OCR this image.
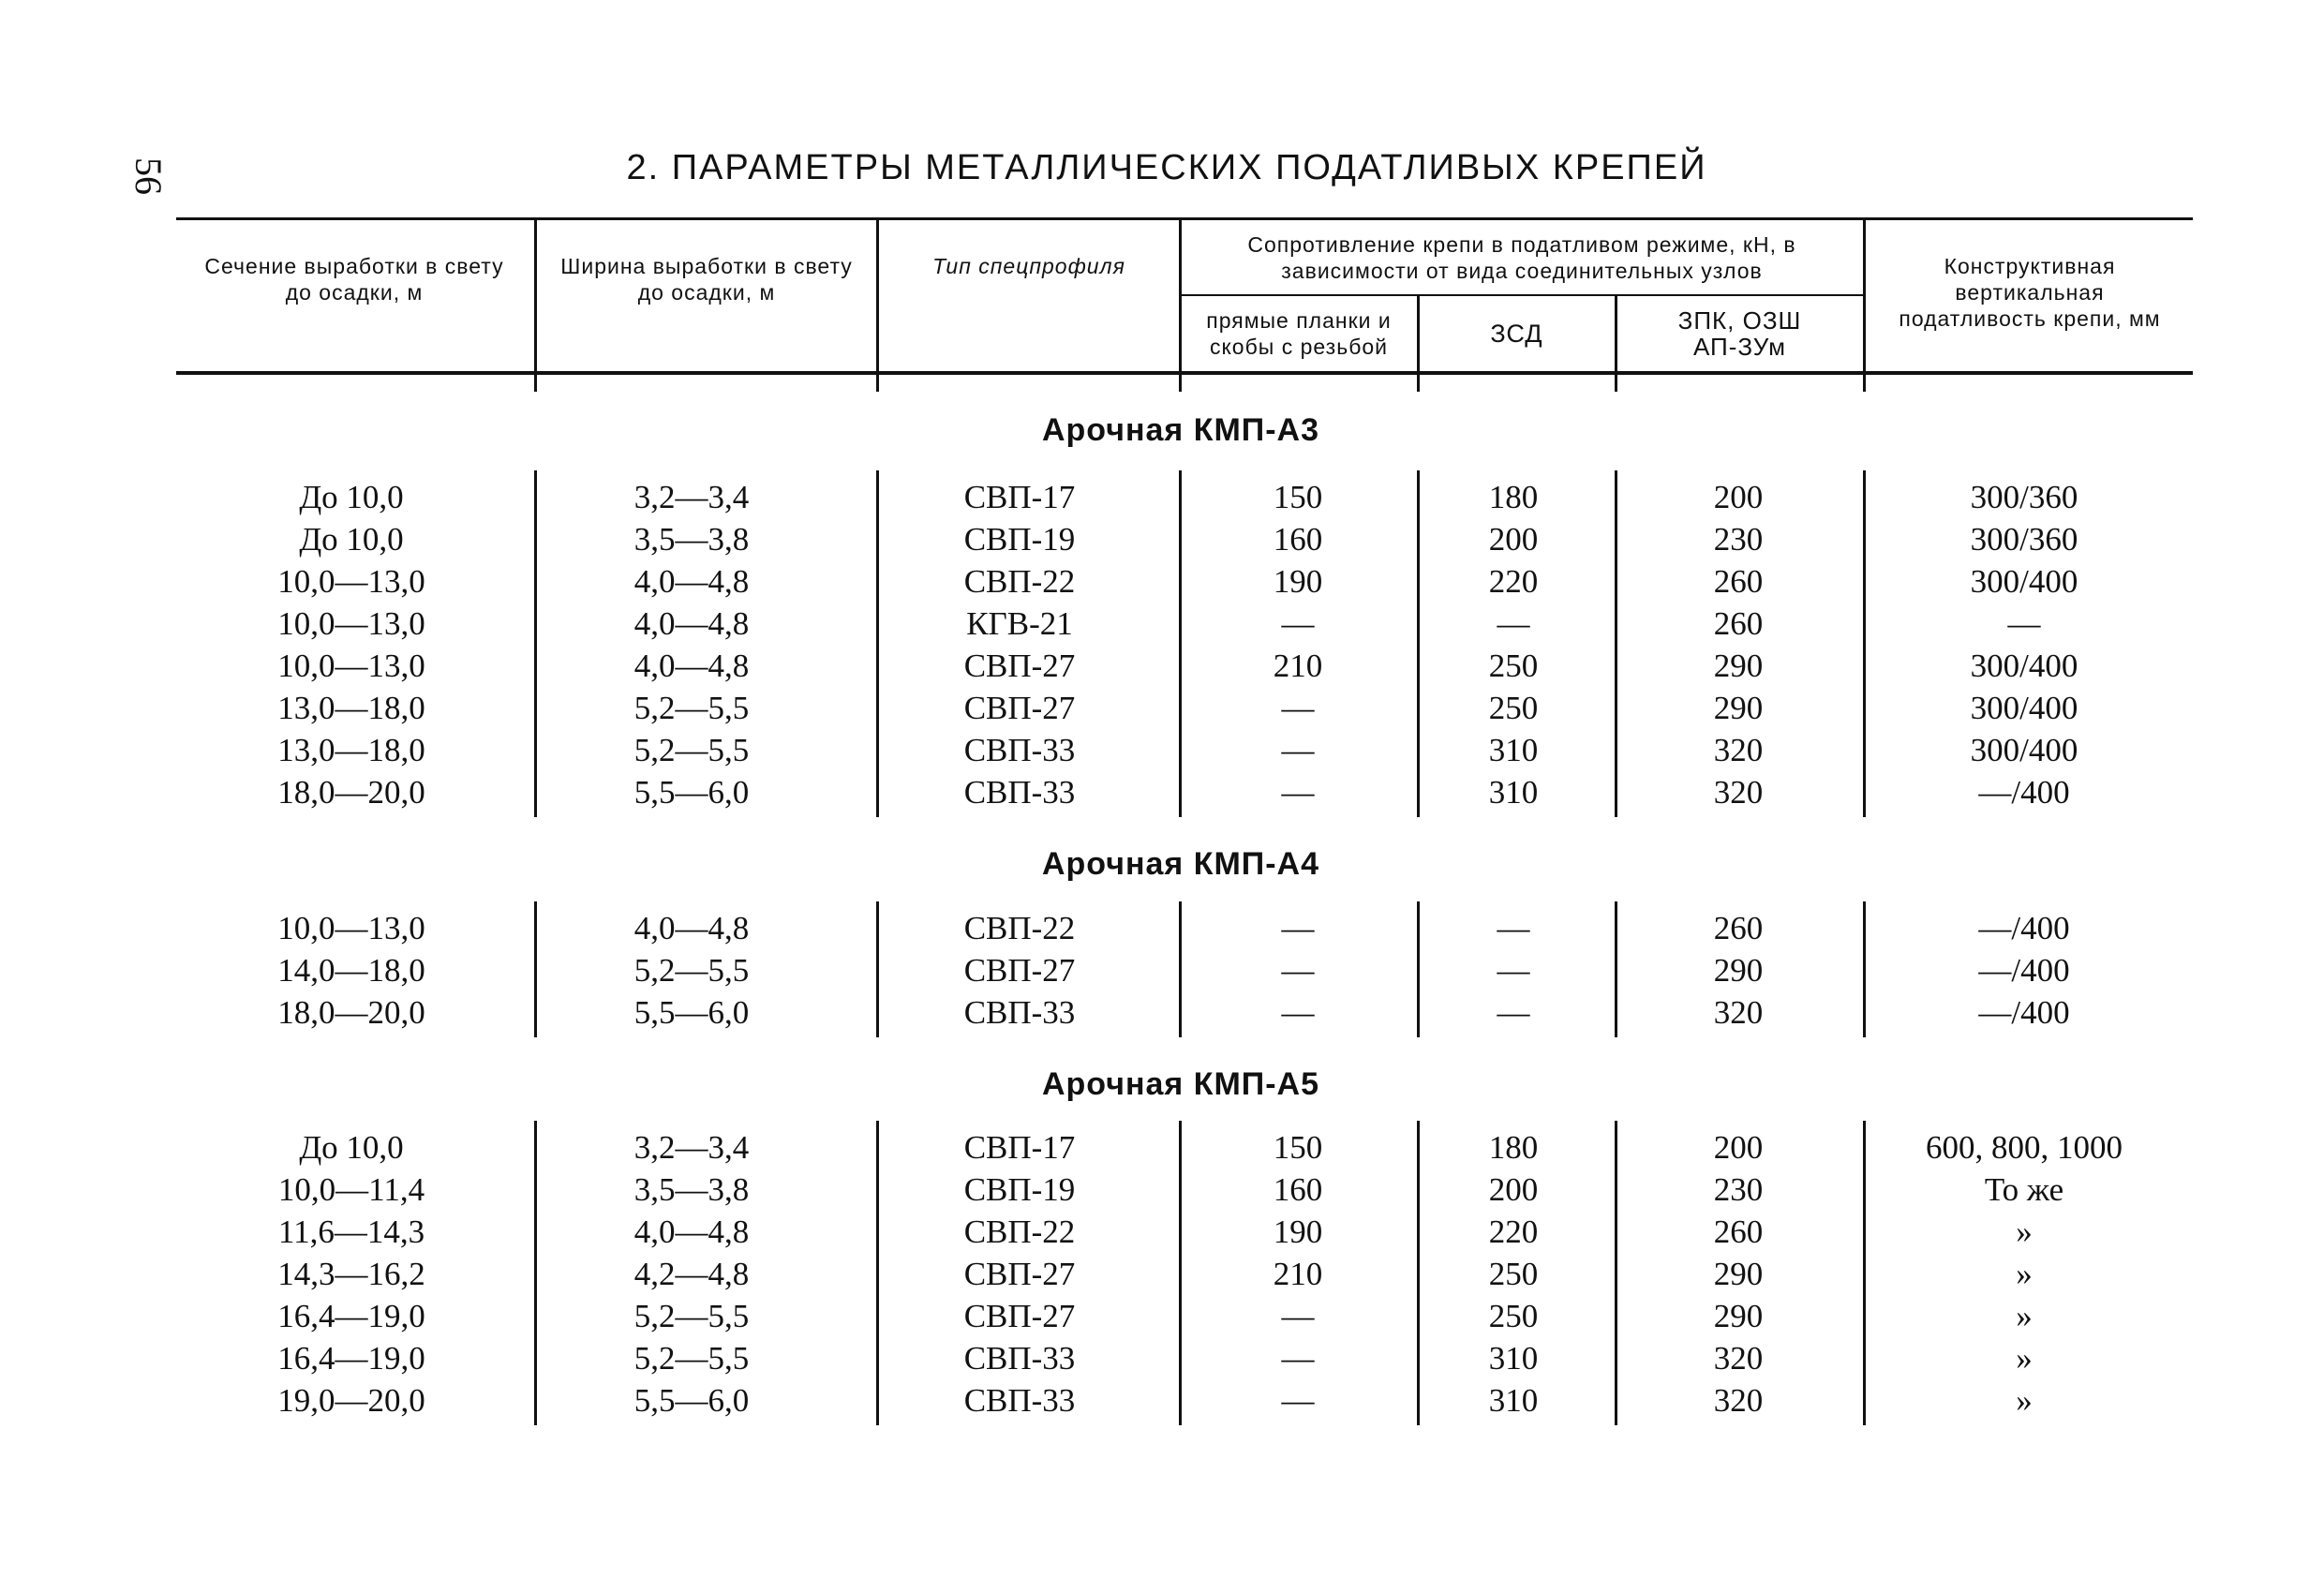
56	2. ПАРАМЕТРЫ МЕТАЛЛИЧЕСКИХ ПОДАТЛИВЫХ КРЕПЕЙ
Сечение выработки в свету до осадки, м
Ширина выработки в свету до осадки, м
Тип спецпрофиля
Сопротивление крепи в податливом режиме, кН, в зависимости от вида соединительных узлов
прямые планки и скобы с резьбой	ЗСД	ЗПК, ОЗШ АП-ЗУм
Конструктивная вертикальная податливость крепи, мм
Арочная КМП-А3
До 10,0	3,2—3,4	СВП-17	150	180	200	300/360
До 10,0	3,5—3,8	СВП-19	160	200	230	300/360
10,0—13,0	4,0—4,8	СВП-22	190	220	260	300/400
10,0—13,0	4,0—4,8	КГВ-21	—	—	260	—
10,0—13,0	4,0—4,8	СВП-27	210	250	290	300/400
13,0—18,0	5,2—5,5	СВП-27	—	250	290	300/400
13,0—18,0	5,2—5,5	СВП-33	—	310	320	300/400
18,0—20,0	5,5—6,0	СВП-33	—	310	320	—/400
Арочная КМП-А4
10,0—13,0	4,0—4,8	СВП-22	—	—	260	—/400
14,0—18,0	5,2—5,5	СВП-27	—	—	290	—/400
18,0—20,0	5,5—6,0	СВП-33	—	—	320	—/400
Арочная КМП-А5
До 10,0	3,2—3,4	СВП-17	150	180	200	600, 800, 1000
10,0—11,4	3,5—3,8	СВП-19	160	200	230	То же
11,6—14,3	4,0—4,8	СВП-22	190	220	260	»
14,3—16,2	4,2—4,8	СВП-27	210	250	290	»
16,4—19,0	5,2—5,5	СВП-27	—	250	290	»
16,4—19,0	5,2—5,5	СВП-33	—	310	320	»
19,0—20,0	5,5—6,0	СВП-33	—	310	320	»
